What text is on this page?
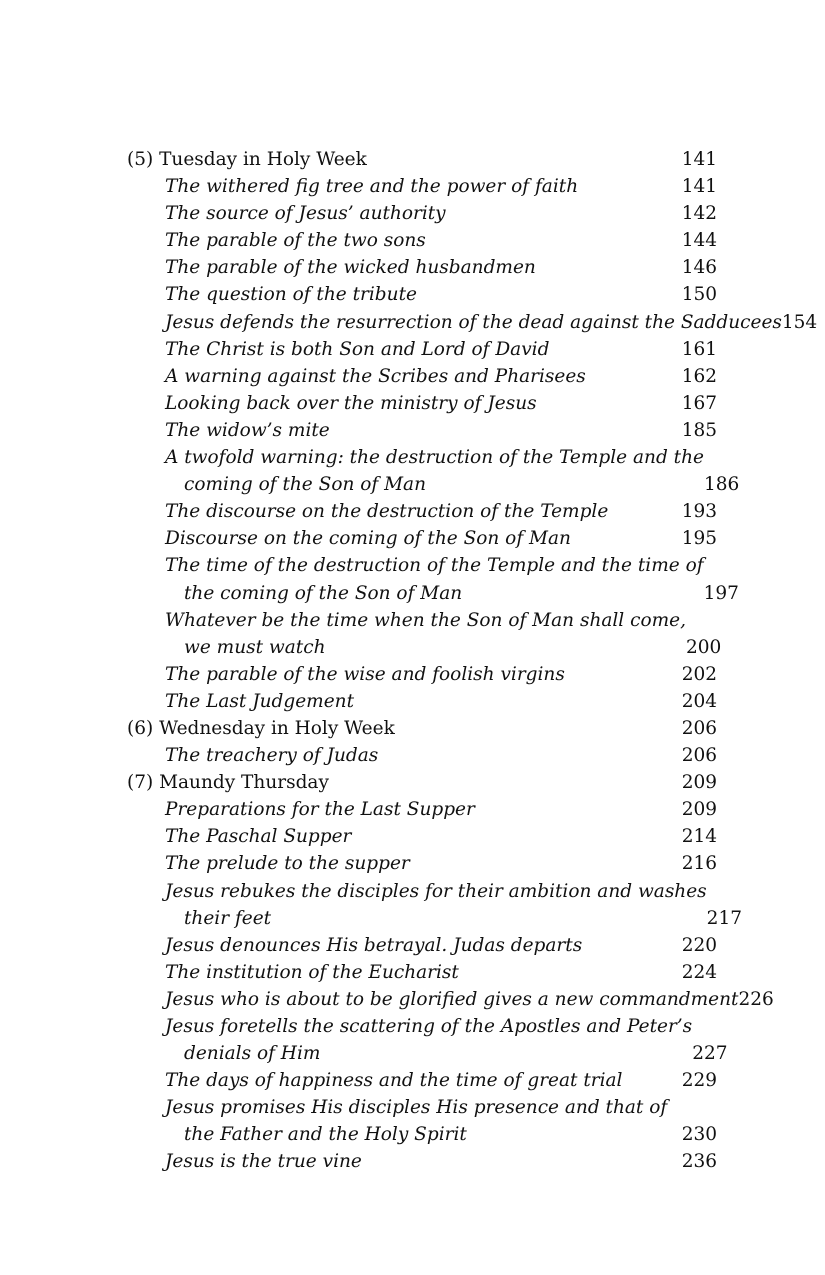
(5) Tuesday in Holy Week	141
The withered fig tree and the power of faith	141
The source of Jesus’ authority	142
The parable of the two sons	144
The parable of the wicked husbandmen	146
The question of the tribute	150
Jesus defends the resurrection of the dead against the Sadducees 154
The Christ is both Son and Lord of David	161
A warning against the Scribes and Pharisees	162
Looking back over the ministry of Jesus	167
The widow’s mite	185
A twofold warning: the destruction of the Temple and the
coming of the Son of Man	186
The discourse on the destruction of the Temple	193
Discourse on the coming of the Son of Man	195
The time of the destruction of the Temple and the time of
the coming of the Son of Man	197
Whatever be the time when the Son of Man shall come,
we must watch	200
The parable of the wise and foolish virgins	202
The Last Judgement	204
(6) Wednesday in Holy Week	206
The treachery of Judas	206
(7) Maundy Thursday	209
Preparations for the Last Supper	209
The Paschal Supper	214
The prelude to the supper	216
Jesus rebukes the disciples for their ambition and washes
their feet	217
Jesus denounces His betrayal. Judas departs	220
The institution of the Eucharist	224
Jesus who is about to be glorified gives a new commandment 226
Jesus foretells the scattering of the Apostles and Peter’s
denials of Him	227
The days of happiness and the time of great trial	229
Jesus promises His disciples His presence and that of
the Father and the Holy Spirit	230
Jesus is the true vine	236
